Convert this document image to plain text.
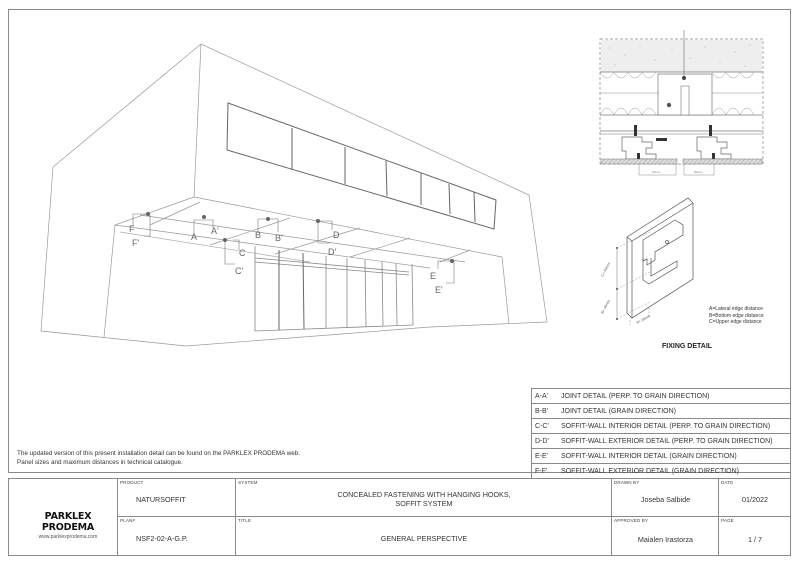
F
F'
A
A'	B B'
C
C'
D
D'
E
E'
22mm	40mm
C= 50mm
B= 40mm
A= 20mm
A=Lateral edge distance
B=Bottom edge distance
C=Upper edge distance
FIXING DETAIL
The updated version of this present installation detail can be found on the PARKLEX PRODEMA web.
Panel sizes and maximum distances in technical catalogue.
A-A'	JOINT DETAIL (PERP. TO GRAIN DIRECTION)
B-B'	JOINT DETAIL (GRAIN DIRECTION)
C-C'	SOFFIT-WALL INTERIOR DETAIL (PERP. TO GRAIN DIRECTION)
D-D'	SOFFIT-WALL EXTERIOR DETAIL (PERP. TO GRAIN DIRECTION)
E-E'	SOFFIT-WALL INTERIOR DETAIL (GRAIN DIRECTION)
F-F'	SOFFIT-WALL EXTERIOR DETAIL (GRAIN DIRECTION)
PARKLEX PRODEMA
www.parklexprodema.com
PRODUCT
NATURSOFFIT
PLAN#
NSF2-02-A-G.P.
SYSTEM
CONCEALED FASTENING WITH HANGING HOOKS,
SOFFIT SYSTEM
TITLE
GENERAL PERSPECTIVE
DRAWN BY
Joseba Salbide
APPROVED BY
Maialen Irastorza
DATE
01/2022
PAGE
1 / 7
